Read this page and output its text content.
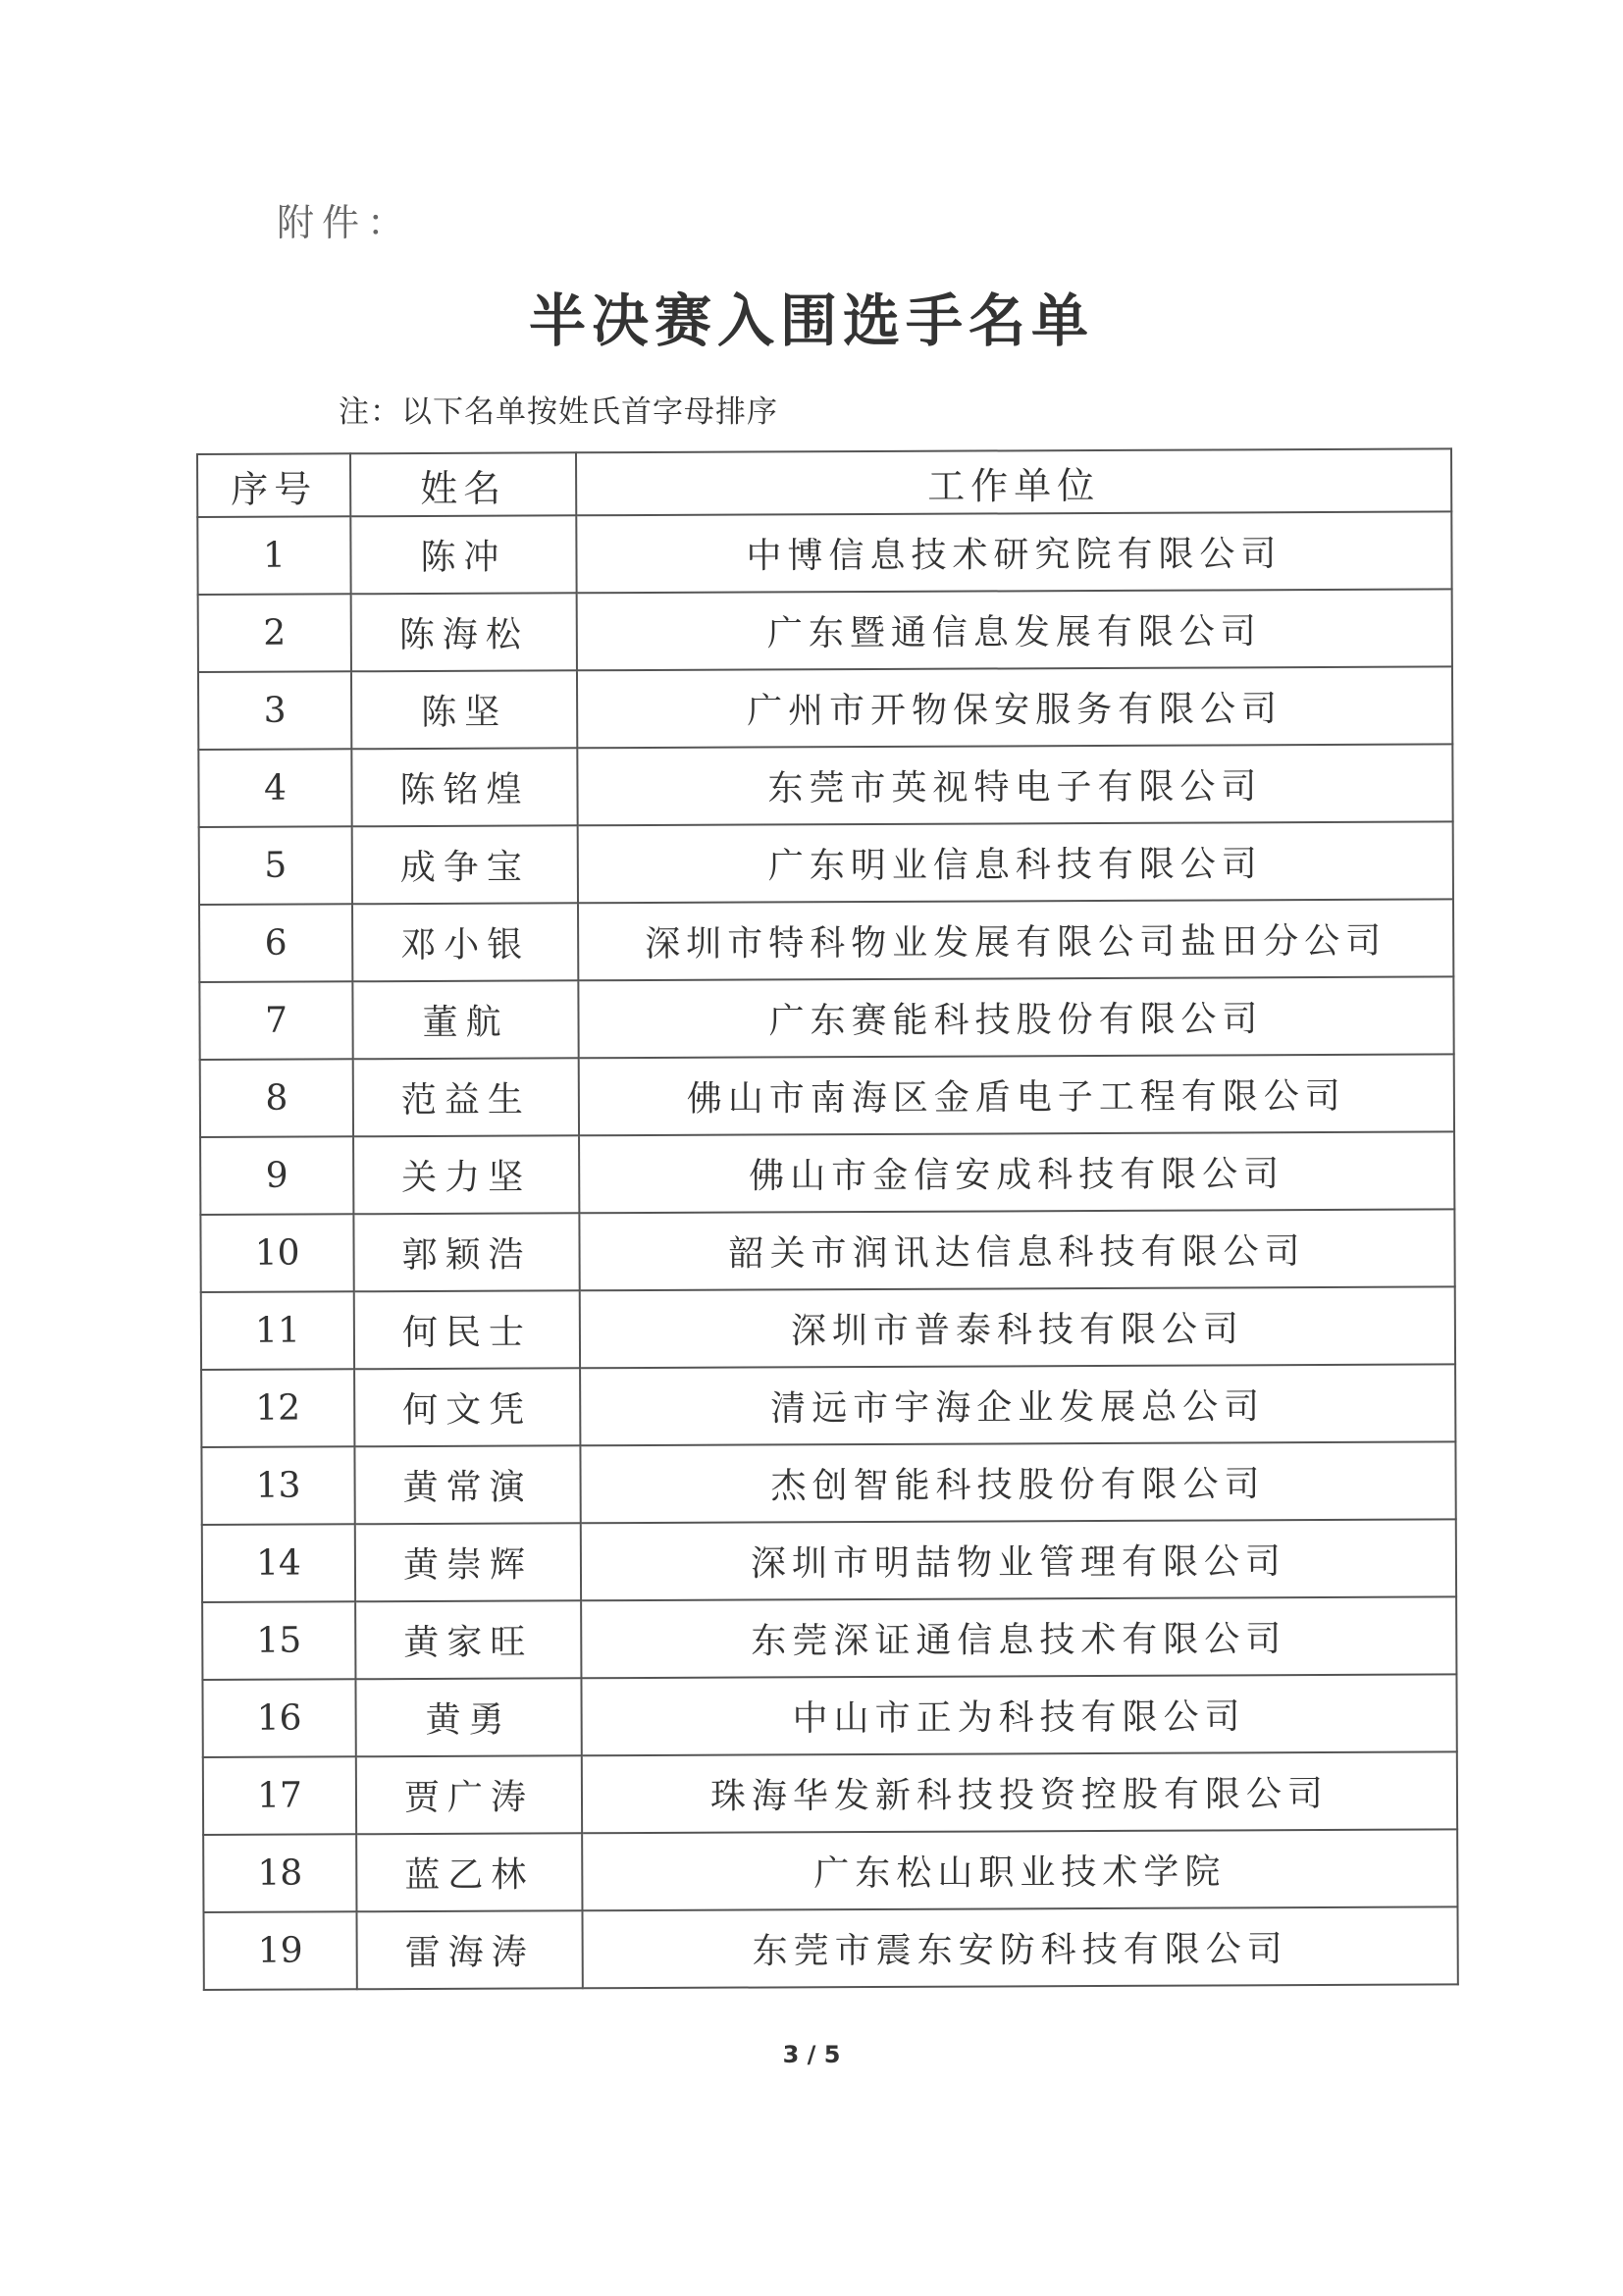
附件：
半决赛入围选手名单
注：以下名单按姓氏首字母排序
序号	姓名	工作单位
1	陈冲	中博信息技术研究院有限公司
2	陈海松	广东暨通信息发展有限公司
3	陈坚	广州市开物保安服务有限公司
4	陈铭煌	东莞市英视特电子有限公司
5	成争宝	广东明业信息科技有限公司
6	邓小银	深圳市特科物业发展有限公司盐田分公司
7	董航	广东赛能科技股份有限公司
8	范益生	佛山市南海区金盾电子工程有限公司
9	关力坚	佛山市金信安成科技有限公司
10	郭颖浩	韶关市润讯达信息科技有限公司
11	何民士	深圳市普泰科技有限公司
12	何文凭	清远市宇海企业发展总公司
13	黄常演	杰创智能科技股份有限公司
14	黄崇辉	深圳市明喆物业管理有限公司
15	黄家旺	东莞深证通信息技术有限公司
16	黄勇	中山市正为科技有限公司
17	贾广涛	珠海华发新科技投资控股有限公司
18	蓝乙林	广东松山职业技术学院
19	雷海涛	东莞市震东安防科技有限公司
3 / 5
